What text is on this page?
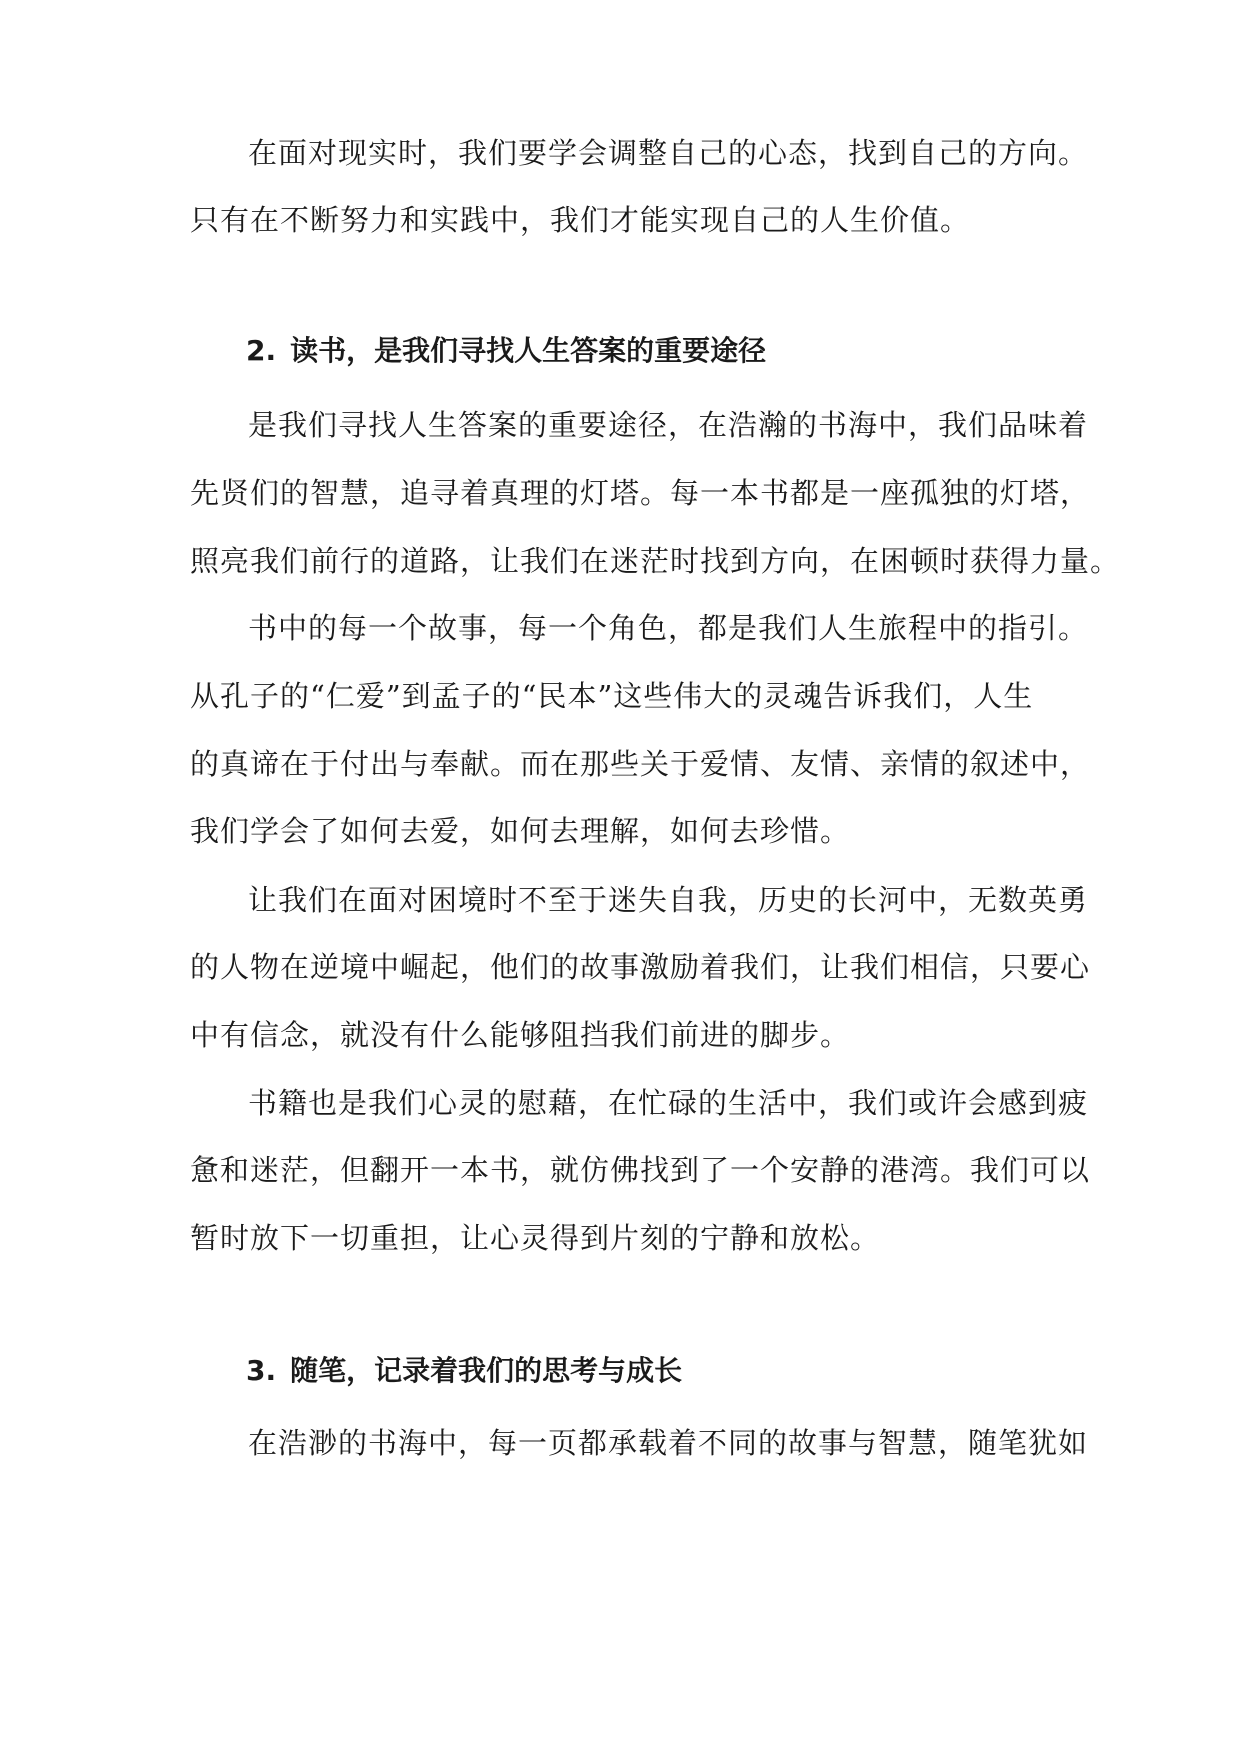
在面对现实时，我们要学会调整自己的心态，找到自己的方向。
只有在不断努力和实践中，我们才能实现自己的人生价值。
2. 读书，是我们寻找人生答案的重要途径
是我们寻找人生答案的重要途径，在浩瀚的书海中，我们品味着
先贤们的智慧，追寻着真理的灯塔。每一本书都是一座孤独的灯塔，
照亮我们前行的道路，让我们在迷茫时找到方向，在困顿时获得力量。
书中的每一个故事，每一个角色，都是我们人生旅程中的指引。
从孔子的“仁爱”到孟子的“民本”这些伟大的灵魂告诉我们，人生
的真谛在于付出与奉献。而在那些关于爱情、友情、亲情的叙述中，
我们学会了如何去爱，如何去理解，如何去珍惜。
让我们在面对困境时不至于迷失自我，历史的长河中，无数英勇
的人物在逆境中崛起，他们的故事激励着我们，让我们相信，只要心
中有信念，就没有什么能够阻挡我们前进的脚步。
书籍也是我们心灵的慰藉，在忙碌的生活中，我们或许会感到疲
惫和迷茫，但翻开一本书，就仿佛找到了一个安静的港湾。我们可以
暂时放下一切重担，让心灵得到片刻的宁静和放松。
3. 随笔，记录着我们的思考与成长
在浩渺的书海中，每一页都承载着不同的故事与智慧，随笔犹如
